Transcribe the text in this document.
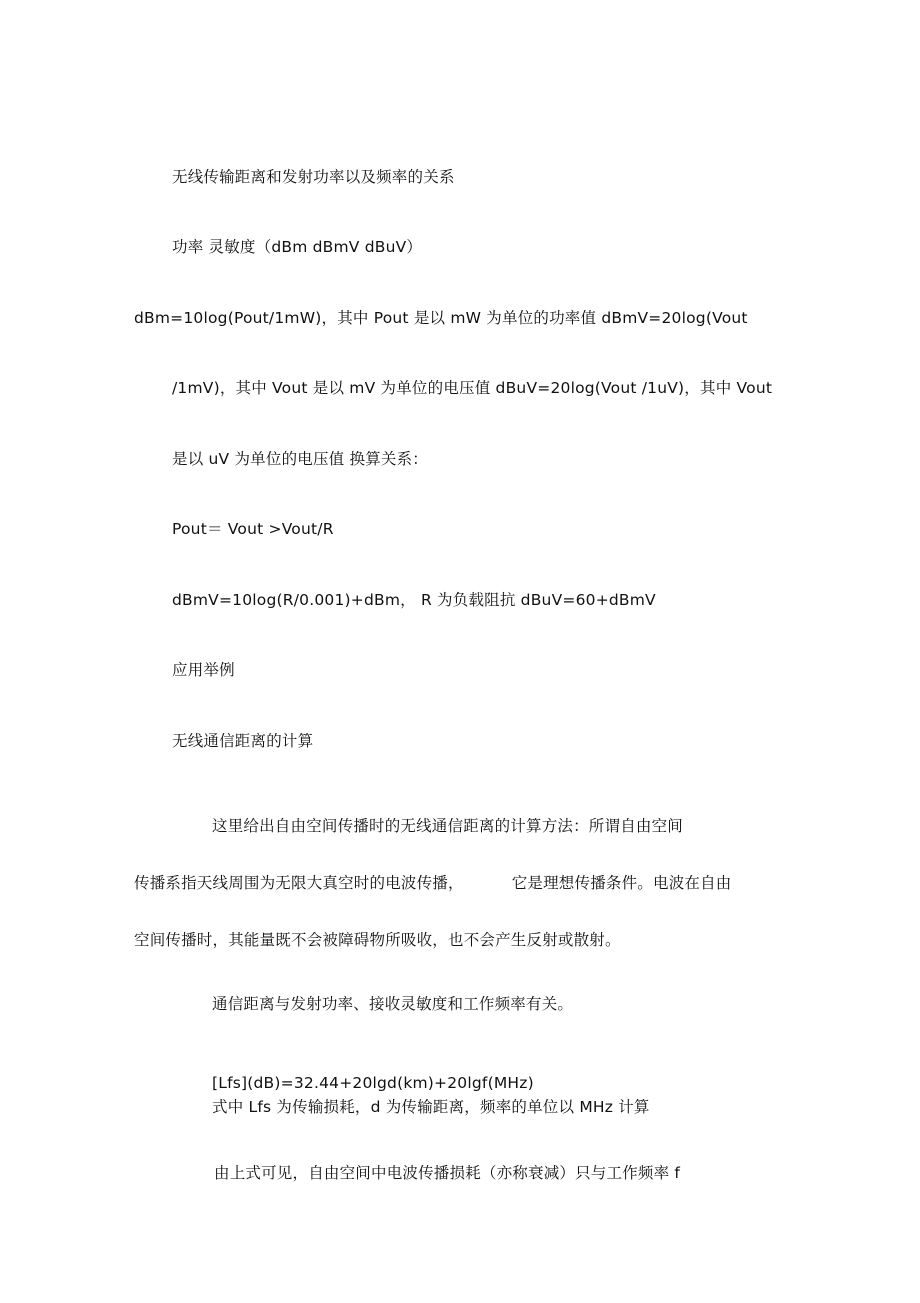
无线传输距离和发射功率以及频率的关系
功率 灵敏度（dBm dBmV dBuV）
dBm=10log(Pout/1mW)，其中 Pout 是以 mW 为单位的功率值 dBmV=20log(Vout
/1mV)，其中 Vout 是以 mV 为单位的电压值 dBuV=20log(Vout /1uV)，其中 Vout
是以 uV 为单位的电压值 换算关系：
Pout＝ Vout >Vout/R
dBmV=10log(R/0.001)+dBm， R 为负载阻抗 dBuV=60+dBmV
应用举例
无线通信距离的计算
这里给出自由空间传播时的无线通信距离的计算方法：所谓自由空间
传播系指天线周围为无限大真空时的电波传播，	它是理想传播条件。电波在自由
空间传播时，其能量既不会被障碍物所吸收，也不会产生反射或散射。
通信距离与发射功率、接收灵敏度和工作频率有关。
[Lfs](dB)=32.44+20lgd(km)+20lgf(MHz)
式中 Lfs 为传输损耗，d 为传输距离，频率的单位以 MHz 计算
由上式可见，自由空间中电波传播损耗（亦称衰减）只与工作频率 f
